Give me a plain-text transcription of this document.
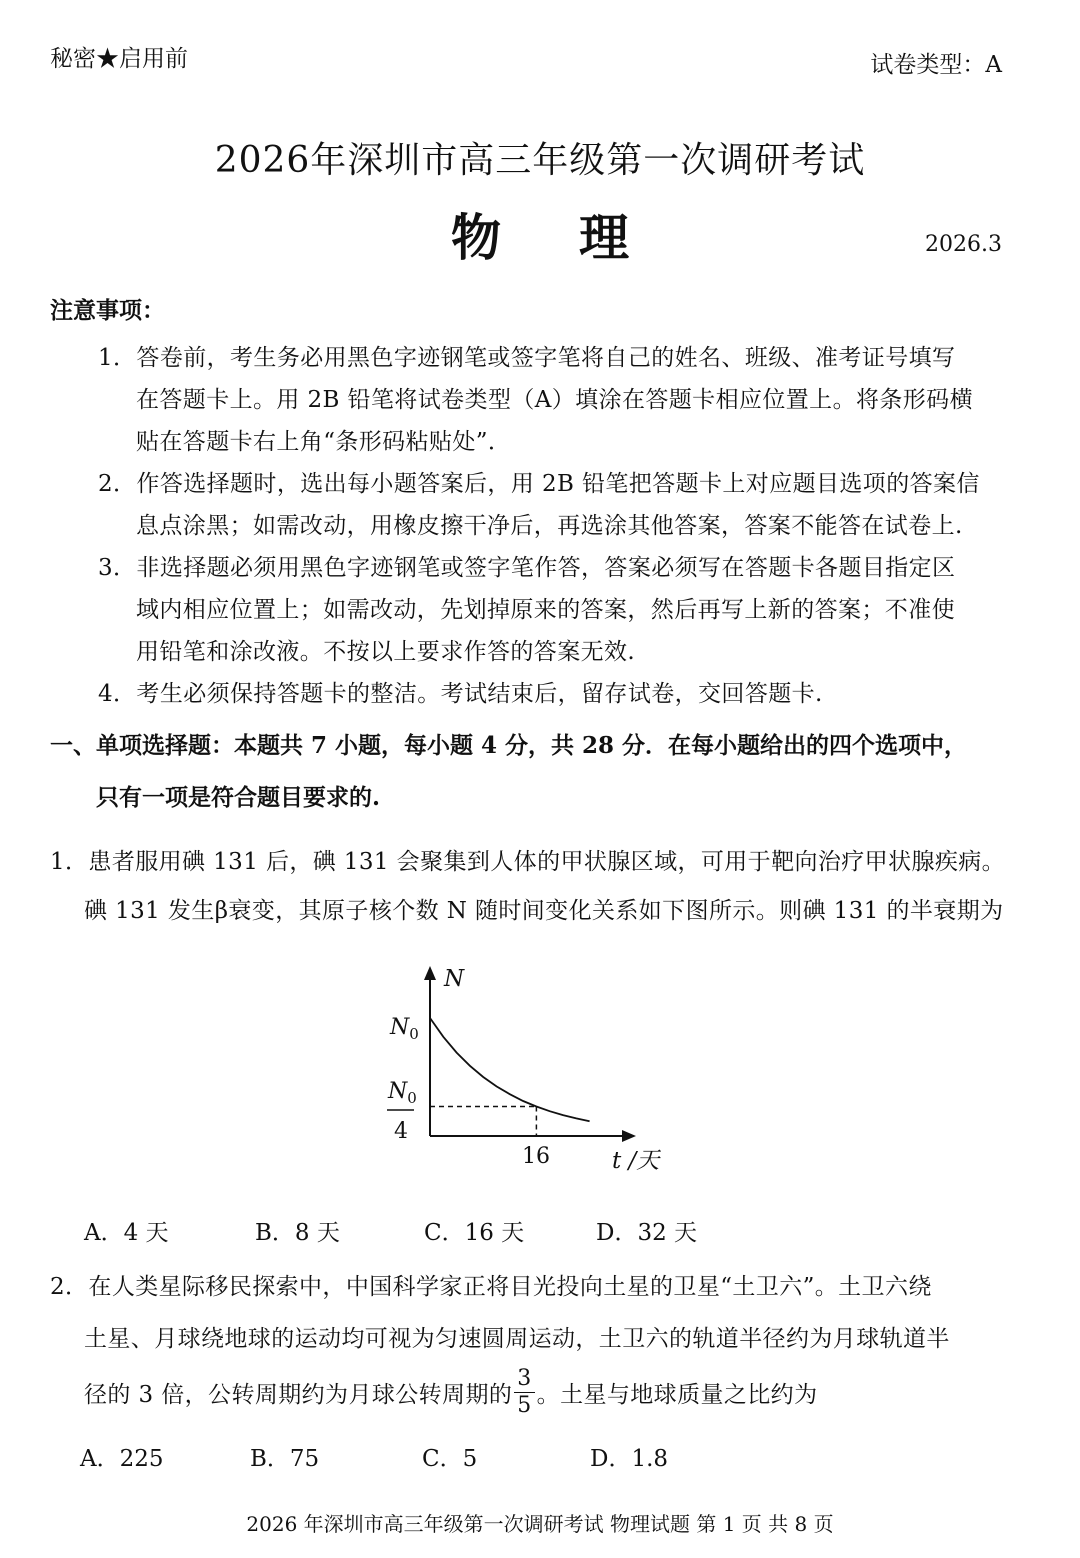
秘密★启用前	试卷类型：A
2026年深圳市高三年级第一次调研考试
物 理	2026.3
注意事项：
1．答卷前，考生务必用黑色字迹钢笔或签字笔将自己的姓名、班级、准考证号填写
在答题卡上。用 2B 铅笔将试卷类型（A）填涂在答题卡相应位置上。将条形码横
贴在答题卡右上角“条形码粘贴处”．
2．作答选择题时，选出每小题答案后，用 2B 铅笔把答题卡上对应题目选项的答案信
息点涂黑；如需改动，用橡皮擦干净后，再选涂其他答案，答案不能答在试卷上.
3．非选择题必须用黑色字迹钢笔或签字笔作答，答案必须写在答题卡各题目指定区
域内相应位置上；如需改动，先划掉原来的答案，然后再写上新的答案；不准使
用铅笔和涂改液。不按以上要求作答的答案无效.
4．考生必须保持答题卡的整洁。考试结束后，留存试卷，交回答题卡.
一、单项选择题：本题共 7 小题，每小题 4 分，共 28 分．在每小题给出的四个选项中，
只有一项是符合题目要求的.
1．患者服用碘 131 后，碘 131 会聚集到人体的甲状腺区域，可用于靶向治疗甲状腺疾病。
碘 131 发生β衰变，其原子核个数 N 随时间变化关系如下图所示。则碘 131 的半衰期为
N
$N_0$
$N_0$
4
16	t /天
A．4 天	B．8 天	C．16 天	D．32 天
2．在人类星际移民探索中，中国科学家正将目光投向土星的卫星“土卫六”。土卫六绕
土星、月球绕地球的运动均可视为匀速圆周运动，土卫六的轨道半径约为月球轨道半
径的 3 倍，公转周期约为月球公转周期的 $\frac{3}{5}$ 。土星与地球质量之比约为
A．225	B．75	C．5	D．1.8
2026 年深圳市高三年级第一次调研考试 物理试题 第 1 页 共 8 页
